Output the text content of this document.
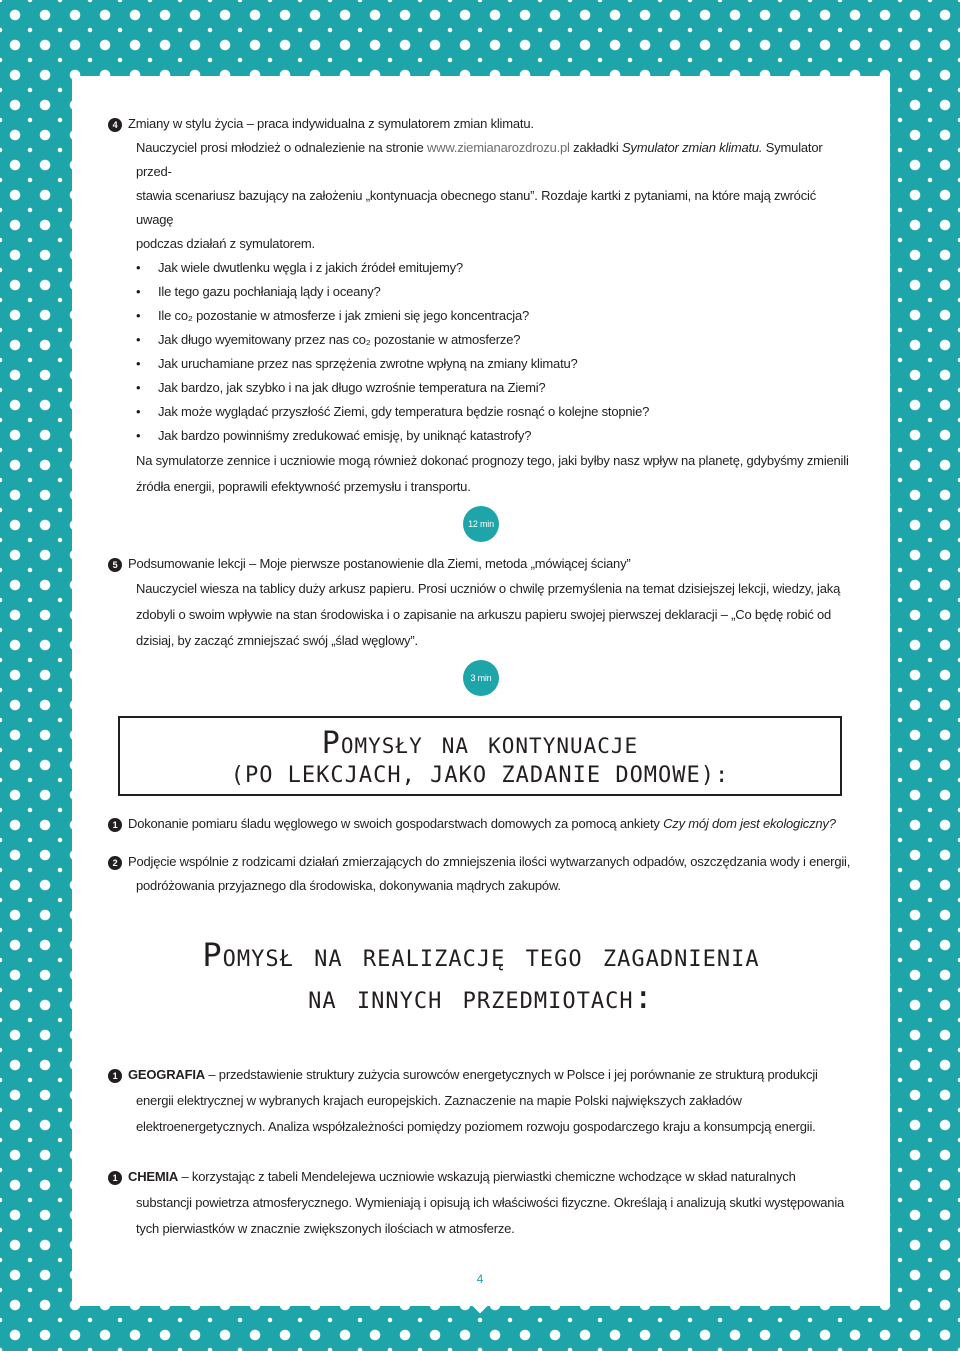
4 Zmiany w stylu życia – praca indywidualna z symulatorem zmian klimatu.
Nauczyciel prosi młodzież o odnalezienie na stronie www.ziemianarozdrozu.pl zakładki Symulator zmian klimatu. Symulator przed-
stawia scenariusz bazujący na założeniu „kontynuacja obecnego stanu”. Rozdaje kartki z pytaniami, na które mają zwrócić uwagę
podczas działań z symulatorem.
• Jak wiele dwutlenku węgla i z jakich źródeł emitujemy?
• Ile tego gazu pochłaniają lądy i oceany?
• Ile co₂ pozostanie w atmosferze i jak zmieni się jego koncentracja?
• Jak długo wyemitowany przez nas co₂ pozostanie w atmosferze?
• Jak uruchamiane przez nas sprzężenia zwrotne wpłyną na zmiany klimatu?
• Jak bardzo, jak szybko i na jak długo wzrośnie temperatura na Ziemi?
• Jak może wyglądać przyszłość Ziemi, gdy temperatura będzie rosnąć o kolejne stopnie?
• Jak bardzo powinniśmy zredukować emisję, by uniknąć katastrofy?
Na symulatorze zennice i uczniowie mogą również dokonać prognozy tego, jaki byłby nasz wpływ na planetę, gdybyśmy zmienili źródła energii, poprawili efektywność przemysłu i transportu.
12 min
5 Podsumowanie lekcji – Moje pierwsze postanowienie dla Ziemi, metoda „mówiącej ściany”
Nauczyciel wiesza na tablicy duży arkusz papieru. Prosi uczniów o chwilę przemyślenia na temat dzisiejszej lekcji, wiedzy, jaką zdobyli o swoim wpływie na stan środowiska i o zapisanie na arkuszu papieru swojej pierwszej deklaracji – „Co będę robić od dzisiaj, by zacząć zmniejszać swój „ślad węglowy”.
3 min
Pomysły na kontynuacje
(PO LEKCJACH, JAKO ZADANIE DOMOWE):
1 Dokonanie pomiaru śladu węglowego w swoich gospodarstwach domowych za pomocą ankiety Czy mój dom jest ekologiczny?
2 Podjęcie wspólnie z rodzicami działań zmierzających do zmniejszenia ilości wytwarzanych odpadów, oszczędzania wody i energii, podróżowania przyjaznego dla środowiska, dokonywania mądrych zakupów.
Pomysł na realizację tego zagadnienia
na innych przedmiotach:
1 GEOGRAFIA – przedstawienie struktury zużycia surowców energetycznych w Polsce i jej porównanie ze strukturą produkcji energii elektrycznej w wybranych krajach europejskich. Zaznaczenie na mapie Polski największych zakładów elektroenergetycznych. Analiza współzależności pomiędzy poziomem rozwoju gospodarczego kraju a konsumpcją energii.
1 CHEMIA – korzystając z tabeli Mendelejewa uczniowie wskazują pierwiastki chemiczne wchodzące w skład naturalnych substancji powietrza atmosferycznego. Wymieniają i opisują ich właściwości fizyczne. Określają i analizują skutki występowania tych pierwiastków w znacznie zwiększonych ilościach w atmosferze.
4
